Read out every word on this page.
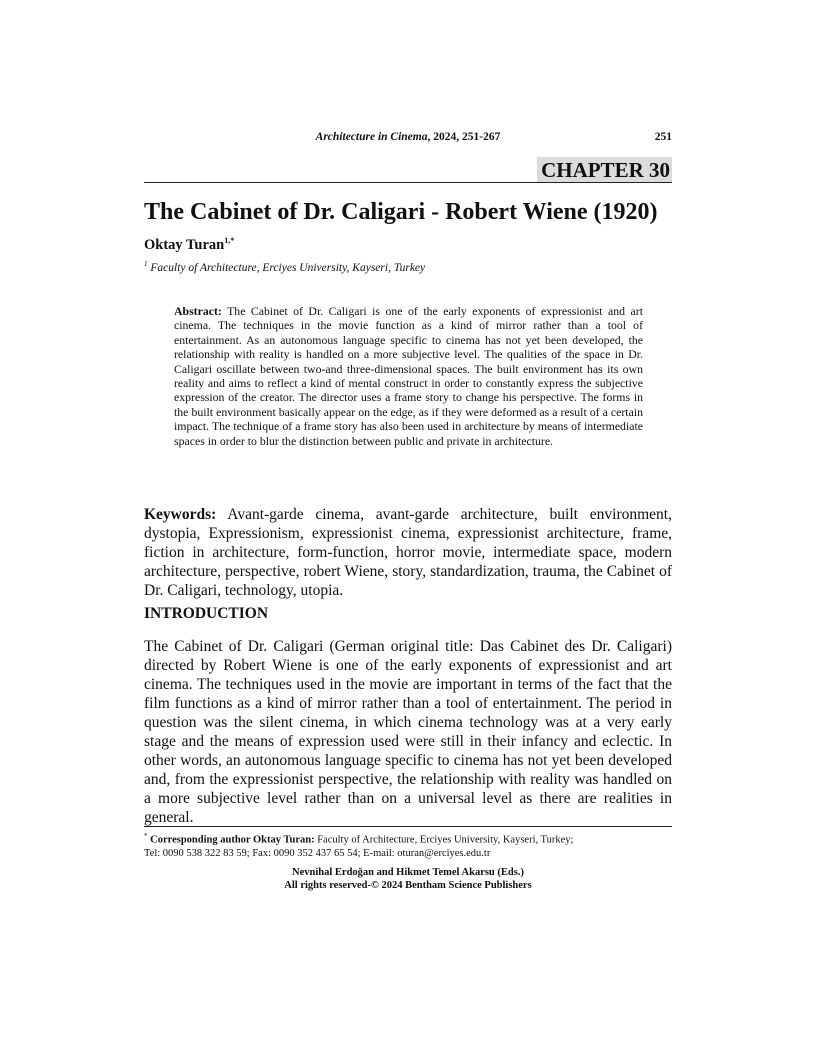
Architecture in Cinema, 2024, 251-267	251
CHAPTER 30
The Cabinet of Dr. Caligari - Robert Wiene (1920)
Oktay Turan$^{1,*}$
$^1$ Faculty of Architecture, Erciyes University, Kayseri, Turkey
Abstract: The Cabinet of Dr. Caligari is one of the early exponents of expressionist and art cinema. The techniques in the movie function as a kind of mirror rather than a tool of entertainment. As an autonomous language specific to cinema has not yet been developed, the relationship with reality is handled on a more subjective level. The qualities of the space in Dr. Caligari oscillate between two-and three-dimensional spaces. The built environment has its own reality and aims to reflect a kind of mental construct in order to constantly express the subjective expression of the creator. The director uses a frame story to change his perspective. The forms in the built environment basically appear on the edge, as if they were deformed as a result of a certain impact. The technique of a frame story has also been used in architecture by means of intermediate spaces in order to blur the distinction between public and private in architecture.
Keywords: Avant-garde cinema, avant-garde architecture, built environment, dystopia, Expressionism, expressionist cinema, expressionist architecture, frame, fiction in architecture, form-function, horror movie, intermediate space, modern architecture, perspective, robert Wiene, story, standardization, trauma, the Cabinet of Dr. Caligari, technology, utopia.
INTRODUCTION
The Cabinet of Dr. Caligari (German original title: Das Cabinet des Dr. Caligari) directed by Robert Wiene is one of the early exponents of expressionist and art cinema. The techniques used in the movie are important in terms of the fact that the film functions as a kind of mirror rather than a tool of entertainment. The period in question was the silent cinema, in which cinema technology was at a very early stage and the means of expression used were still in their infancy and eclectic. In other words, an autonomous language specific to cinema has not yet been developed and, from the expressionist perspective, the relationship with reality was handled on a more subjective level rather than on a universal level as there are realities in general.
* Corresponding author Oktay Turan: Faculty of Architecture, Erciyes University, Kayseri, Turkey;
Tel: 0090 538 322 83 59; Fax: 0090 352 437 65 54; E-mail: oturan@erciyes.edu.tr
Nevnihal Erdoğan and Hikmet Temel Akarsu (Eds.)
All rights reserved-© 2024 Bentham Science Publishers
